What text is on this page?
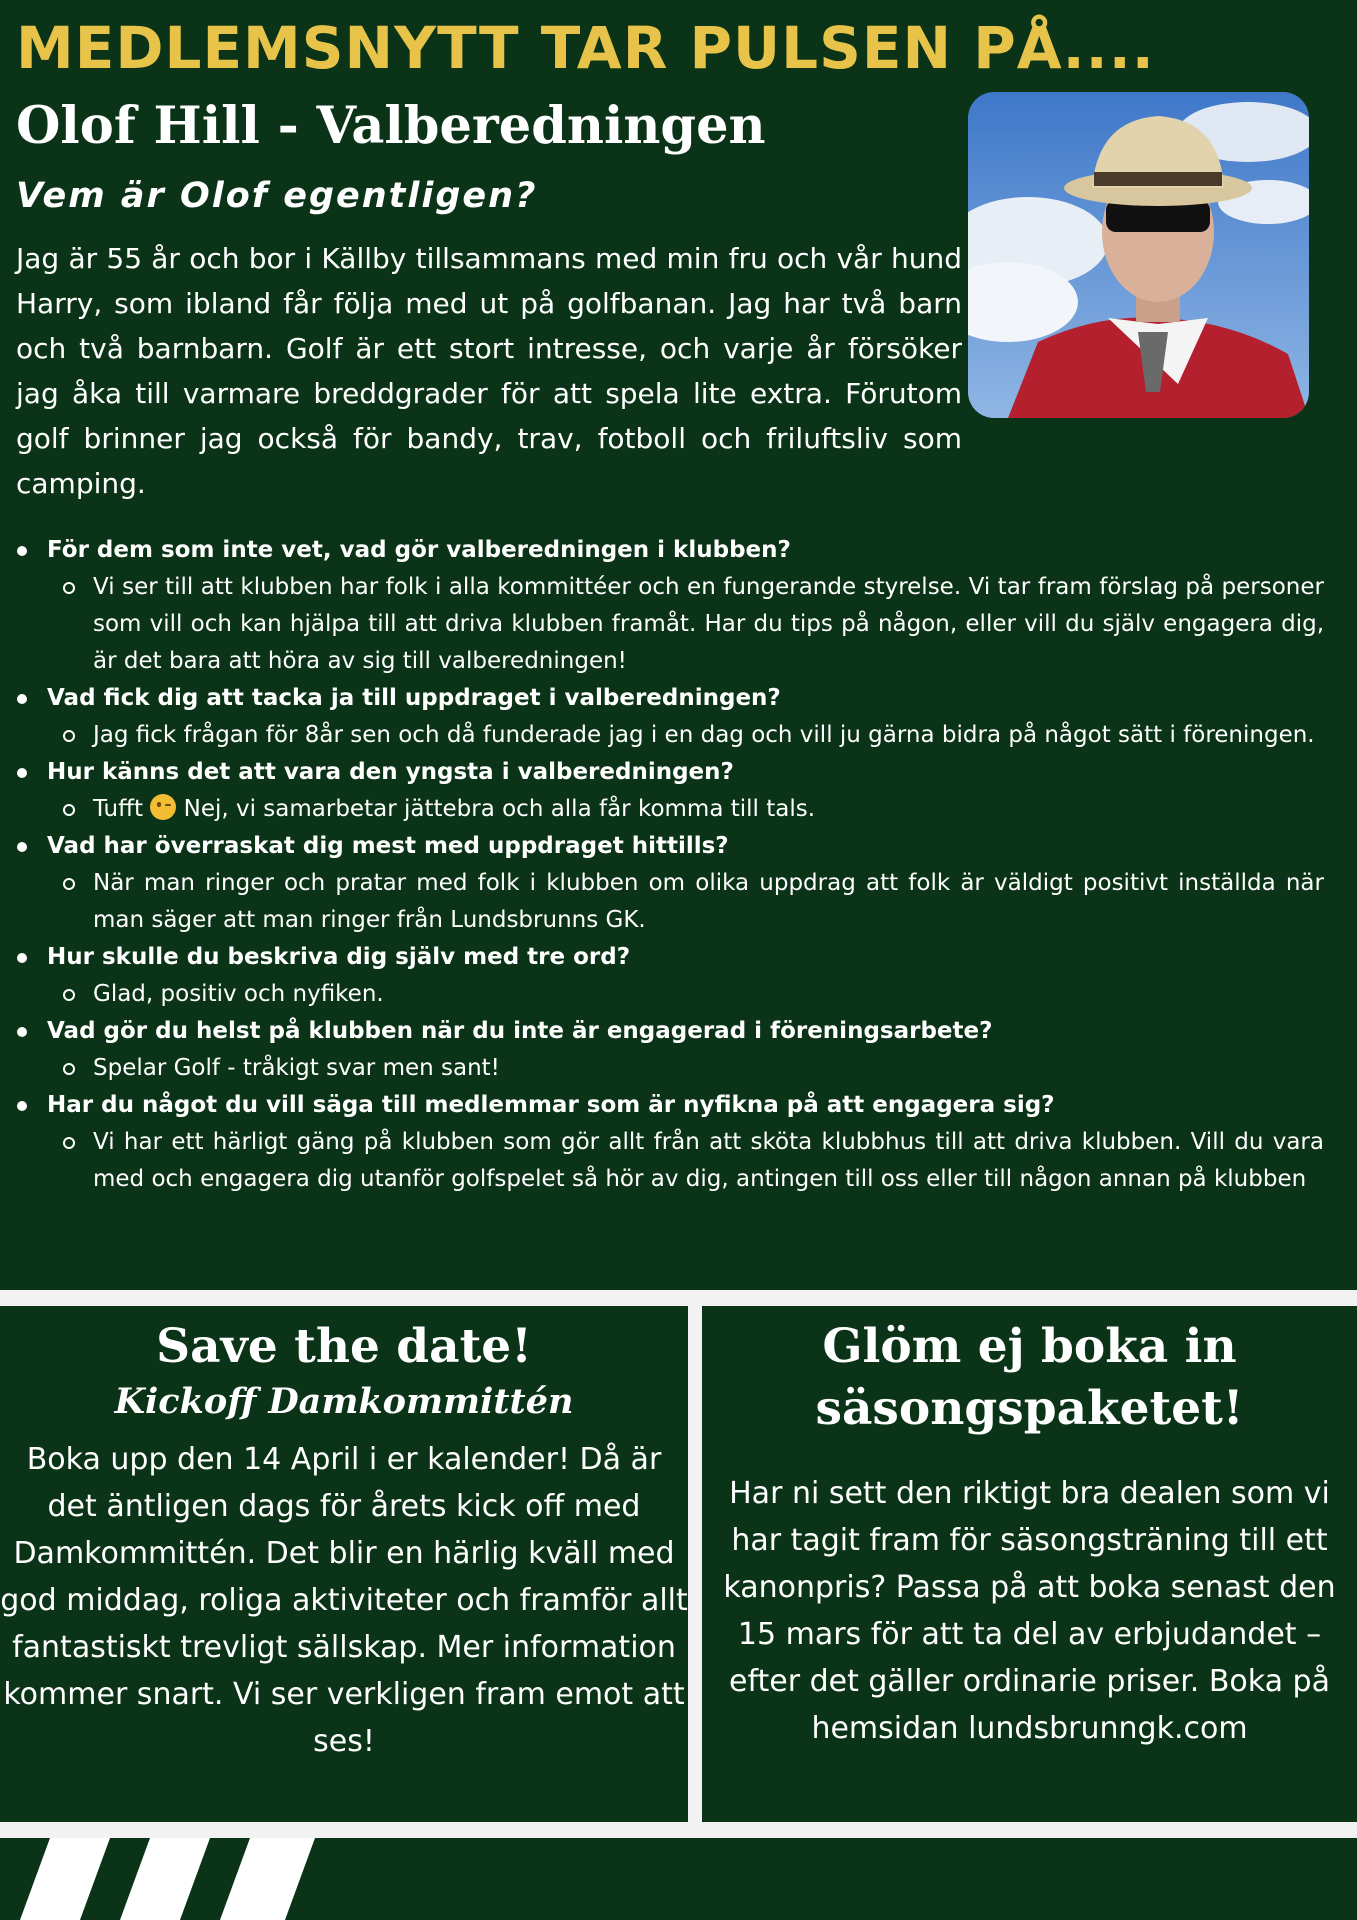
MEDLEMSNYTT TAR PULSEN PÅ....
Olof Hill - Valberedningen
Vem är Olof egentligen?

Jag är 55 år och bor i Källby tillsammans med min fru och vår hund Harry, som ibland får följa med ut på golfbanan. Jag har två barn och två barnbarn. Golf är ett stort intresse, och varje år försöker jag åka till varmare breddgrader för att spela lite extra. Förutom golf brinner jag också för bandy, trav, fotboll och friluftsliv som camping.

För dem som inte vet, vad gör valberedningen i klubben?

Vi ser till att klubben har folk i alla kommittéer och en fungerande styrelse. Vi tar fram förslag på personer som vill och kan hjälpa till att driva klubben framåt. Har du tips på någon, eller vill du själv engagera dig, är det bara att höra av sig till valberedningen!

Vad fick dig att tacka ja till uppdraget i valberedningen?

Jag fick frågan för 8år sen och då funderade jag i en dag och vill ju gärna bidra på något sätt i föreningen.

Hur känns det att vara den yngsta i valberedningen?

Tufft  Nej, vi samarbetar jättebra och alla får komma till tals.

Vad har överraskat dig mest med uppdraget hittills?

När man ringer och pratar med folk i klubben om olika uppdrag att folk är väldigt positivt inställda när man säger att man ringer från Lundsbrunns GK.

Hur skulle du beskriva dig själv med tre ord?

Glad, positiv och nyfiken.

Vad gör du helst på klubben när du inte är engagerad i föreningsarbete?

Spelar Golf - tråkigt svar men sant!

Har du något du vill säga till medlemmar som är nyfikna på att engagera sig?

Vi har ett härligt gäng på klubben som gör allt från att sköta klubbhus till att driva klubben. Vill du vara med och engagera dig utanför golfspelet så hör av dig, antingen till oss eller till någon annan på klubben

Save the date!
Kickoff Damkommittén

Boka upp den 14 April i er kalender! Då är det äntligen dags för årets kick off med Damkommittén. Det blir en härlig kväll med god middag, roliga aktiviteter och framför allt fantastiskt trevligt sällskap. Mer information kommer snart. Vi ser verkligen fram emot att ses!

Glöm ej boka in säsongspaketet!

Har ni sett den riktigt bra dealen som vi har tagit fram för säsongsträning till ett kanonpris? Passa på att boka senast den 15 mars för att ta del av erbjudandet – efter det gäller ordinarie priser. Boka på hemsidan lundsbrunngk.com
